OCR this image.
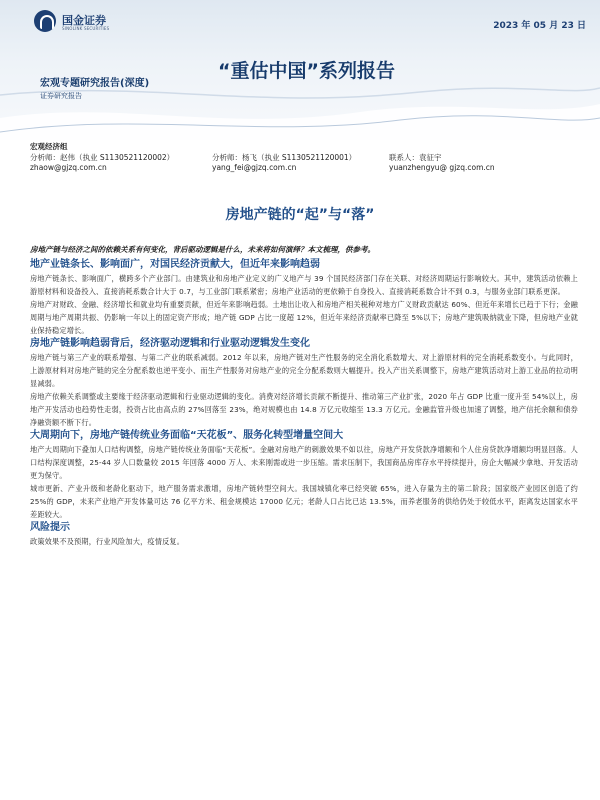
国金证券
SINOLINK SECURITIES	2023 年 05 月 23 日
“重估中国”系列报告
宏观专题研究报告(深度)
证券研究报告
宏观经济组
分析师：赵伟（执业 S1130521120002）	分析师：杨飞（执业 S1130521120001）	联系人：袁征宇
zhaow@gjzq.com.cn	yang_fei@gjzq.com.cn	yuanzhengyu@ gjzq.com.cn
房地产链的“起”与“落”
房地产链与经济之间的依赖关系有何变化，背后驱动逻辑是什么，未来将如何演绎？本文梳理，供参考。
地产业链条长、影响面广，对国民经济贡献大，但近年来影响趋弱

房地产链条长、影响面广，横跨多个产业部门。由建筑业和房地产业定义的广义地产与 39 个国民经济部门存在关联、对经济周期运行影响较大。其中，建筑活动依赖上游原材料和设备投入、直接消耗系数合计大于 0.7，与工业部门联系紧密；房地产业活动的更依赖于自身投入、直接消耗系数合计不到 0.3，与服务业部门联系更深。

房地产对财政、金融、经济增长和就业均有重要贡献，但近年来影响趋弱。土地出让收入和房地产相关税种对地方广义财政贡献达 60%、但近年来增长已趋于下行；金融周期与地产周期共振、仍影响一年以上的固定资产形成；地产链 GDP 占比一度超 12%，但近年来经济贡献率已降至 5%以下；房地产建筑吸纳就业下降，但房地产业就业保持稳定增长。

房地产链影响趋弱背后，经济驱动逻辑和行业驱动逻辑发生变化

房地产链与第三产业的联系增强、与第二产业的联系减弱。2012 年以来，房地产链对生产性服务的完全消化系数增大、对上游原材料的完全消耗系数变小。与此同时，上游原材料对房地产链的完全分配系数也逆平变小、而生产性服务对房地产业的完全分配系数则大幅提升。投入产出关系调整下，房地产建筑活动对上游工业品的拉动明显减弱。

房地产依赖关系调整或主要缘于经济驱动逻辑和行业驱动逻辑的变化。消费对经济增长贡献不断提升、推动第三产业扩张，2020 年占 GDP 比重一度升至 54%以上，房地产开发活动也趋势性走弱，投资占比由高点的 27%回落至 23%，绝对规模也由 14.8 万亿元收缩至 13.3 万亿元。金融监管升级也加速了调整，地产信托余额和债券净融资额不断下行。

大周期向下，房地产链传统业务面临“天花板”、服务化转型增量空间大

地产大周期向下叠加人口结构调整，房地产链传统业务面临“天花板”。金融对房地产的刺激效果不如以往，房地产开发贷款净增额和个人住房贷款净增额均明显回落。人口结构深度调整，25-44 岁人口数量较 2015 年回落 4000 万人、未来刚需或进一步压缩。需求压制下，我国商品房库存水平持续提升，房企大幅减少拿地、开发活动更为保守。

城市更新、产业升级和老龄化驱动下，地产服务需求激增，房地产链转型空间大。我国城镇化率已经突破 65%，进入存量为主的第二阶段；国家级产业园区创造了约 25%的 GDP，未来产业地产开发体量可达 76 亿平方米、租金规模达 17000 亿元；老龄人口占比已达 13.5%，而养老服务的供给仍处于较低水平，距离发达国家水平差距较大。

风险提示

政策效果不及预期，行业风险加大，疫情反复。
